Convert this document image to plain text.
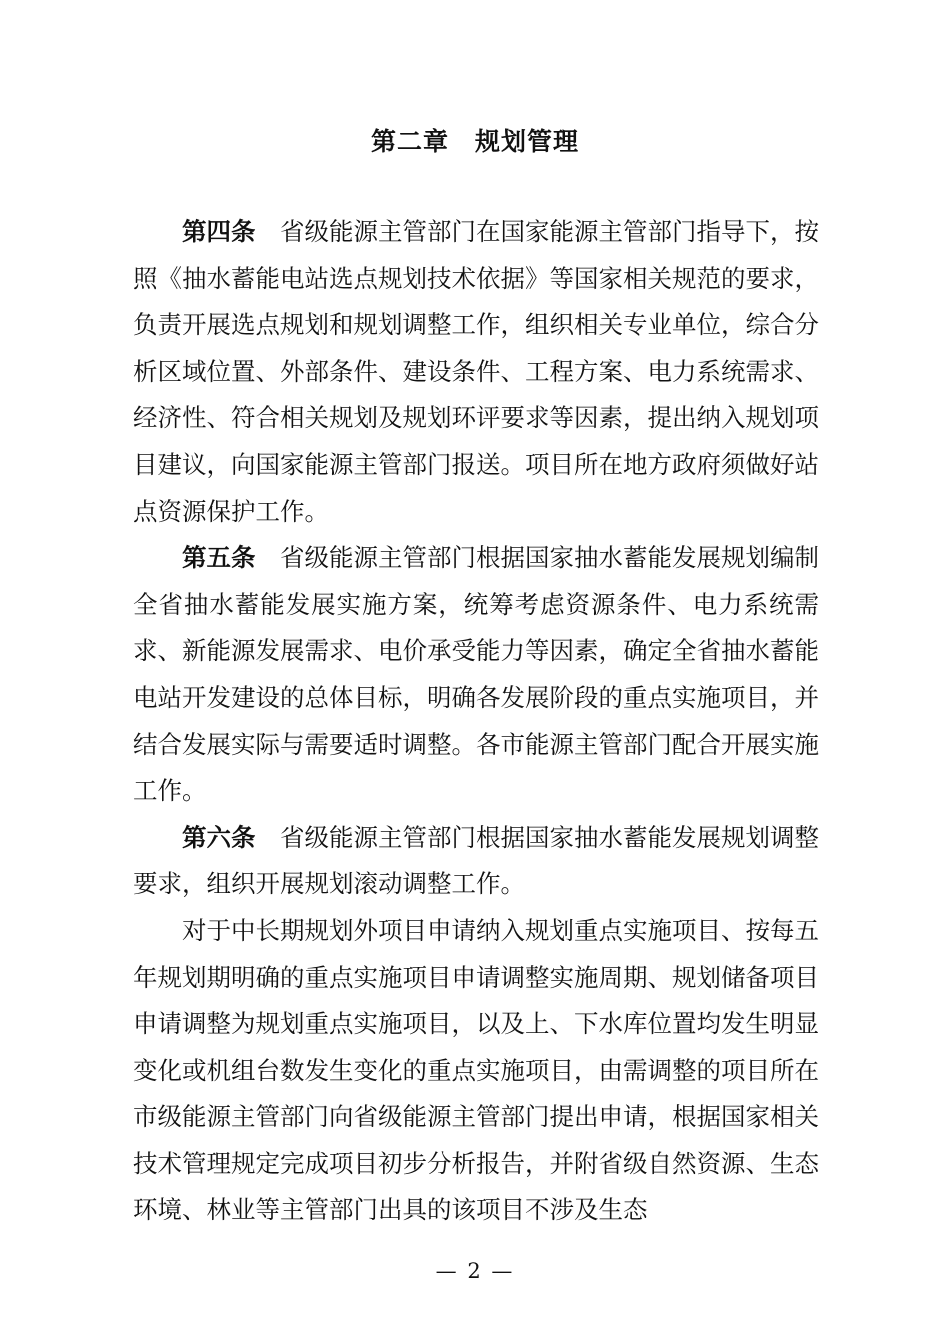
第二章　规划管理

第四条 省级能源主管部门在国家能源主管部门指导下，按照《抽水蓄能电站选点规划技术依据》等国家相关规范的要求，负责开展选点规划和规划调整工作，组织相关专业单位，综合分析区域位置、外部条件、建设条件、工程方案、电力系统需求、经济性、符合相关规划及规划环评要求等因素，提出纳入规划项目建议，向国家能源主管部门报送。项目所在地方政府须做好站点资源保护工作。

第五条 省级能源主管部门根据国家抽水蓄能发展规划编制全省抽水蓄能发展实施方案，统筹考虑资源条件、电力系统需求、新能源发展需求、电价承受能力等因素，确定全省抽水蓄能电站开发建设的总体目标，明确各发展阶段的重点实施项目，并结合发展实际与需要适时调整。各市能源主管部门配合开展实施工作。

第六条 省级能源主管部门根据国家抽水蓄能发展规划调整要求，组织开展规划滚动调整工作。

对于中长期规划外项目申请纳入规划重点实施项目、按每五年规划期明确的重点实施项目申请调整实施周期、规划储备项目申请调整为规划重点实施项目，以及上、下水库位置均发生明显变化或机组台数发生变化的重点实施项目，由需调整的项目所在市级能源主管部门向省级能源主管部门提出申请，根据国家相关技术管理规定完成项目初步分析报告，并附省级自然资源、生态环境、林业等主管部门出具的该项目不涉及生态

— 2 —
